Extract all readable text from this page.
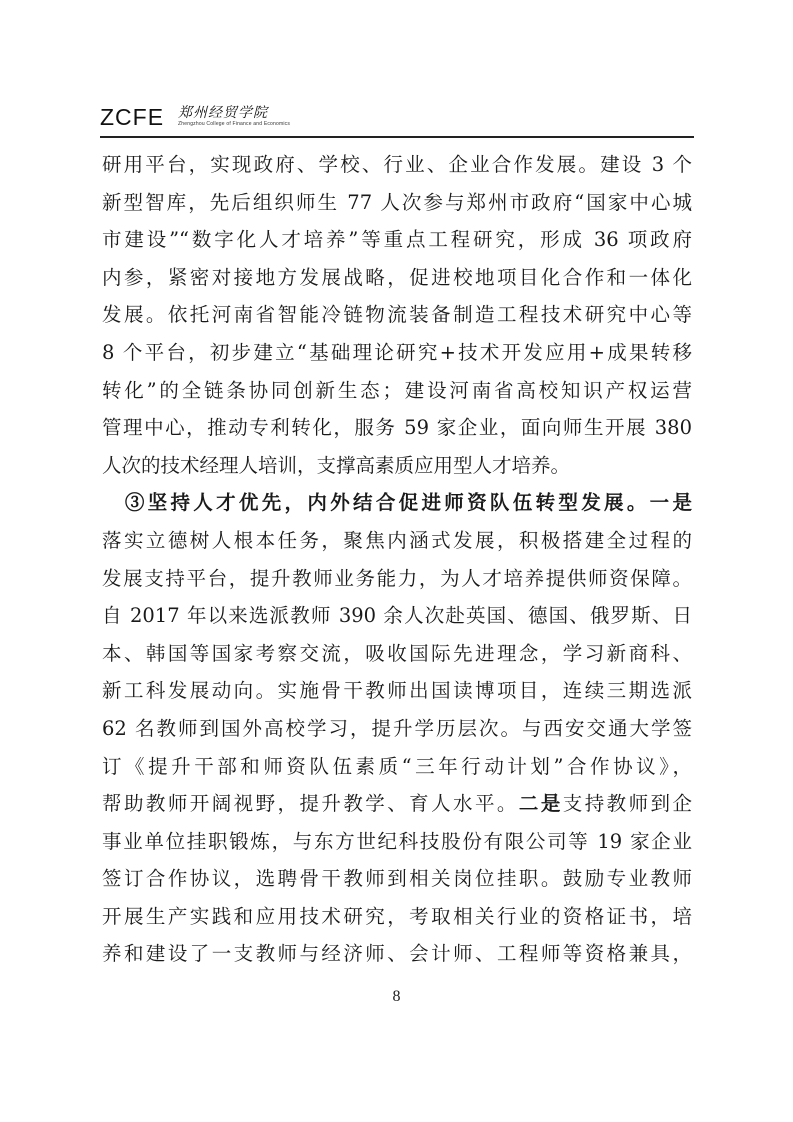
ZCFE 郑州经贸学院
Zhengzhou College of Finance and Economics
研用平台，实现政府、学校、行业、企业合作发展。建设 3 个
新型智库，先后组织师生 77 人次参与郑州市政府“国家中心城
市建设”“数字化人才培养”等重点工程研究，形成 36 项政府
内参，紧密对接地方发展战略，促进校地项目化合作和一体化
发展。依托河南省智能冷链物流装备制造工程技术研究中心等
8 个平台，初步建立“基础理论研究+技术开发应用+成果转移
转化”的全链条协同创新生态；建设河南省高校知识产权运营
管理中心，推动专利转化，服务 59 家企业，面向师生开展 380
人次的技术经理人培训，支撑高素质应用型人才培养。
　③坚持人才优先，内外结合促进师资队伍转型发展。一是
落实立德树人根本任务，聚焦内涵式发展，积极搭建全过程的
发展支持平台，提升教师业务能力，为人才培养提供师资保障。
自 2017 年以来选派教师 390 余人次赴英国、德国、俄罗斯、日
本、韩国等国家考察交流，吸收国际先进理念，学习新商科、
新工科发展动向。实施骨干教师出国读博项目，连续三期选派
62 名教师到国外高校学习，提升学历层次。与西安交通大学签
订《提升干部和师资队伍素质“三年行动计划”合作协议》，
帮助教师开阔视野，提升教学、育人水平。二是支持教师到企
事业单位挂职锻炼，与东方世纪科技股份有限公司等 19 家企业
签订合作协议，选聘骨干教师到相关岗位挂职。鼓励专业教师
开展生产实践和应用技术研究，考取相关行业的资格证书，培
养和建设了一支教师与经济师、会计师、工程师等资格兼具，
8
